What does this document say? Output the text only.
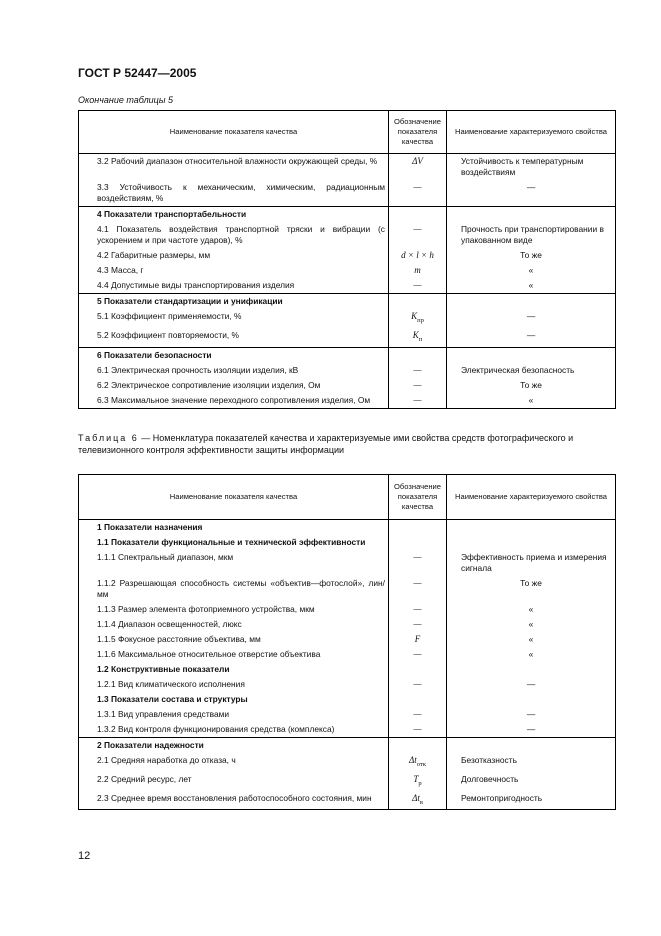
ГОСТ Р 52447—2005
Окончание таблицы 5
Наименование показателя качества	Обозначение показателя качества	Наименование характеризуемого свойства
3.2 Рабочий диапазон относительной влажности окружающей среды, %	ΔV	Устойчивость к температурным воздействиям
3.3 Устойчивость к механическим, химическим, радиационным воздействиям, %	—	—
4 Показатели транспортабельности		
4.1 Показатель воздействия транспортной тряски и вибрации (с ускорением и при частоте ударов), %	—	Прочность при транспортировании в упакованном виде
4.2 Габаритные размеры, мм	d × l × h	То же
4.3 Масса, г	m	«
4.4 Допустимые виды транспортирования изделия	—	«
5 Показатели стандартизации и унификации		
5.1 Коэффициент применяемости, %	$K_{пр}$	—
5.2 Коэффициент повторяемости, %	$K_п$	—
6 Показатели безопасности		
6.1 Электрическая прочность изоляции изделия, кВ	—	Электрическая безопасность
6.2 Электрическое сопротивление изоляции изделия, Ом	—	То же
6.3 Максимальное значение переходного сопротивления изделия, Ом	—	«
Таблица 6 — Номенклатура показателей качества и характеризуемые ими свойства средств фотографического и телевизионного контроля эффективности защиты информации
Наименование показателя качества	Обозначение показателя качества	Наименование характеризуемого свойства
1 Показатели назначения		
1.1 Показатели функциональные и технической эффективности		
1.1.1 Спектральный диапазон, мкм	—	Эффективность приема и измерения сигнала
1.1.2 Разрешающая способность системы «объектив—фотослой», лин/мм	—	То же
1.1.3 Размер элемента фотоприемного устройства, мкм	—	«
1.1.4 Диапазон освещенностей, люкс	—	«
1.1.5 Фокусное расстояние объектива, мм	F	«
1.1.6 Максимальное относительное отверстие объектива	—	«
1.2 Конструктивные показатели		
1.2.1 Вид климатического исполнения	—	—
1.3 Показатели состава и структуры		
1.3.1 Вид управления средствами	—	—
1.3.2 Вид контроля функционирования средства (комплекса)	—	—
2 Показатели надежности		
2.1 Средняя наработка до отказа, ч	$\Delta t_{отк}$	Безотказность
2.2 Средний ресурс, лет	$T_р$	Долговечность
2.3 Среднее время восстановления работоспособного состояния, мин	$\Delta t_в$	Ремонтопригодность
12
